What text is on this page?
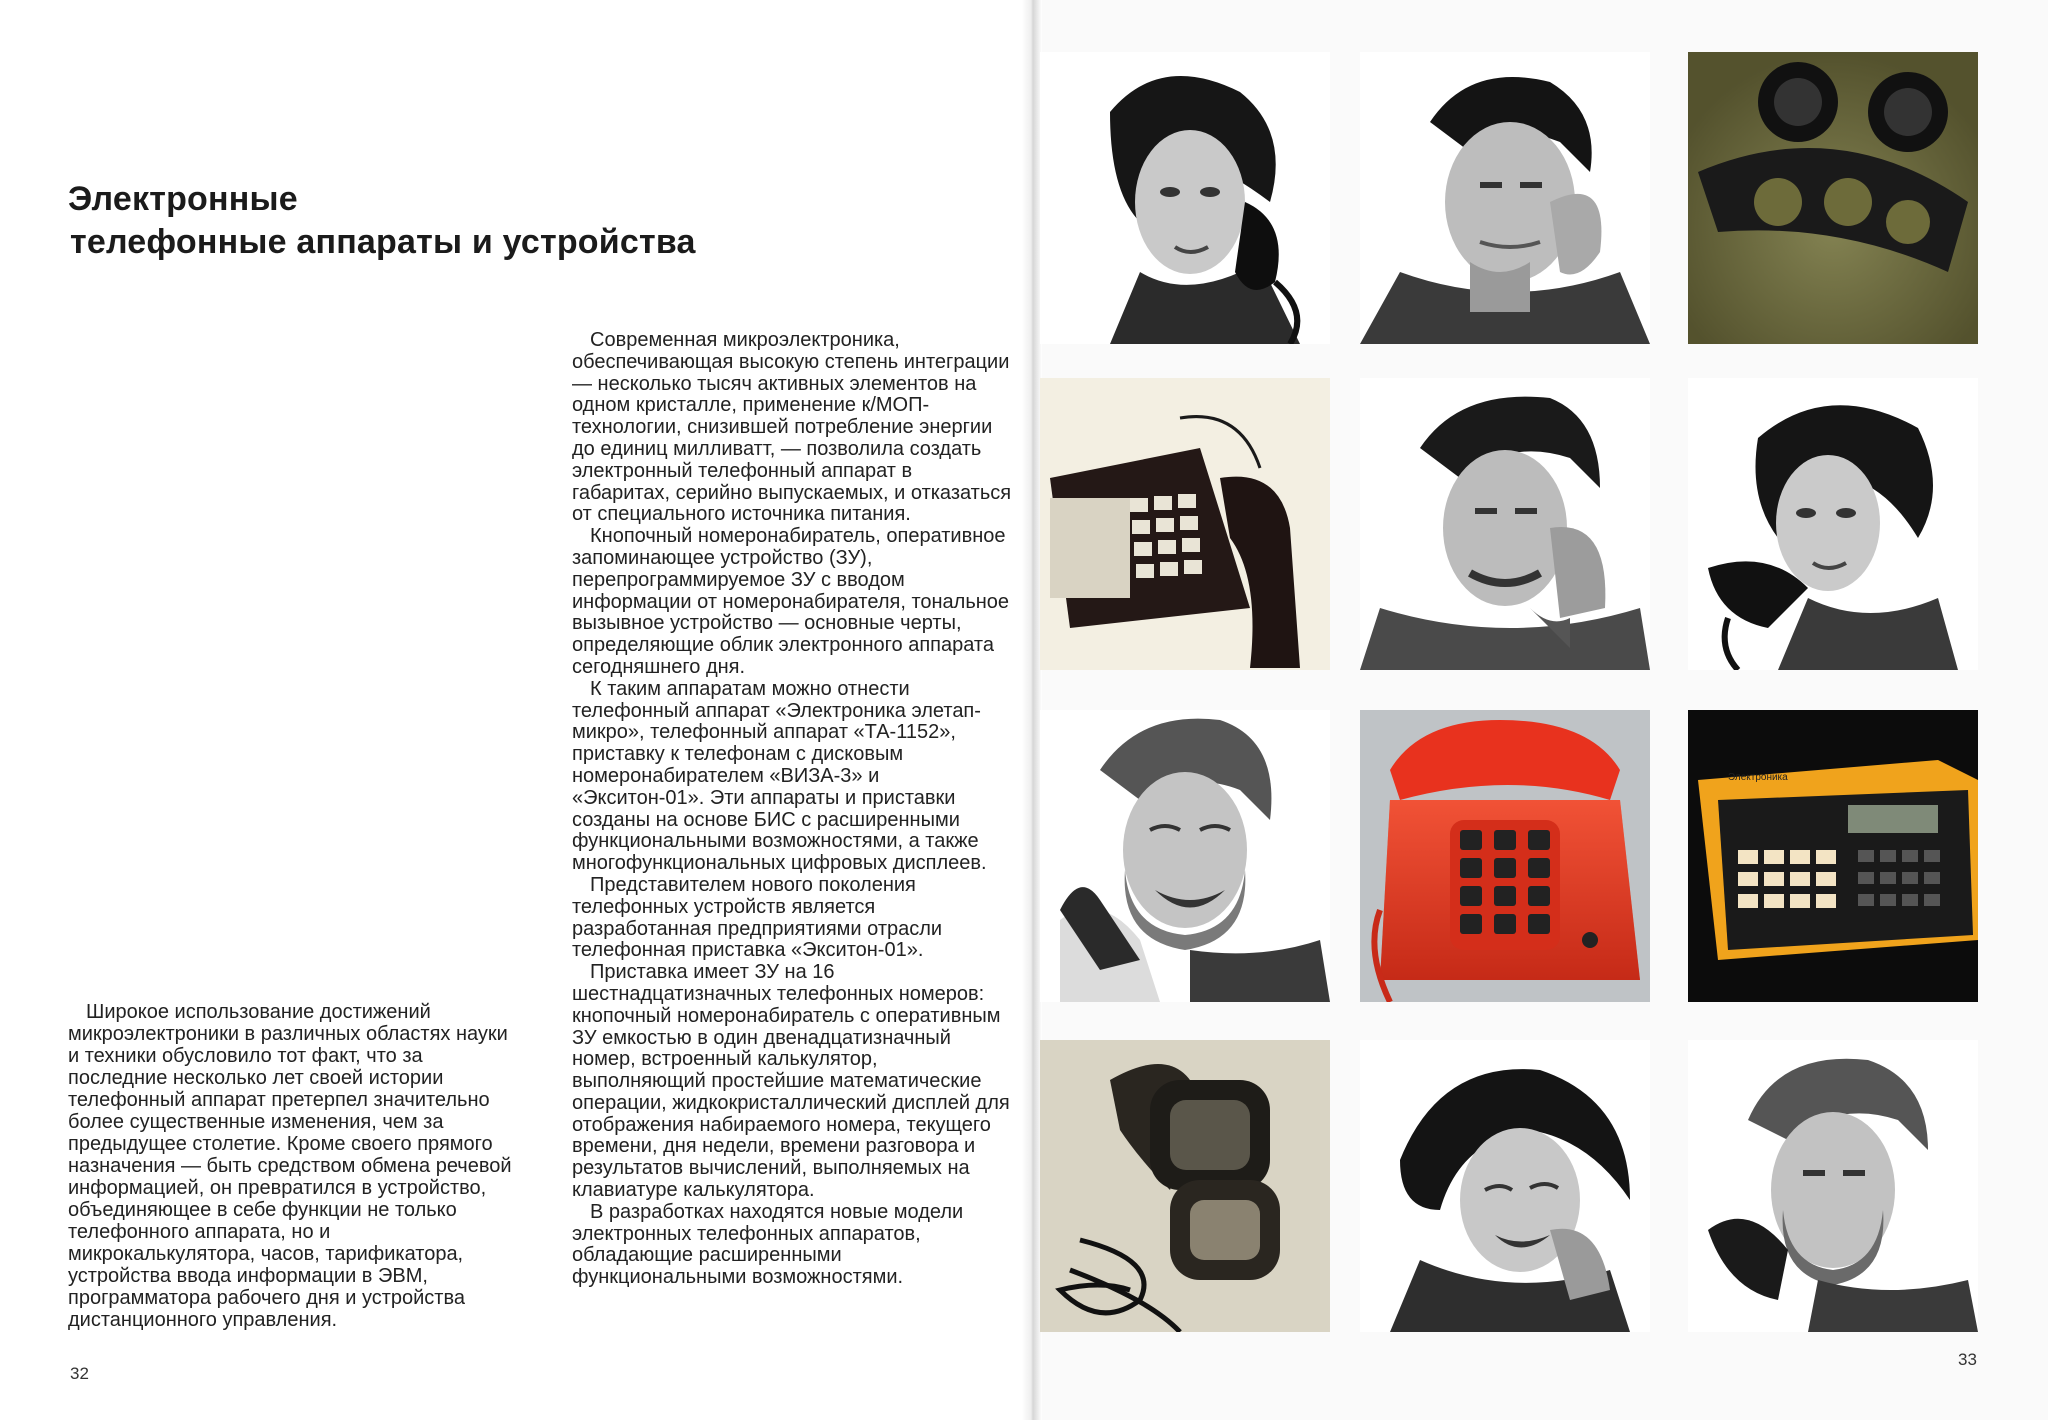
Электронные
телефонные аппараты и устройства

Современная микроэлектроника, обеспечивающая высокую степень интеграции — несколько тысяч активных элементов на одном кристалле, применение к/МОП-технологии, снизившей потребление энергии до единиц милливатт, — позволила создать электронный телефонный аппарат в габаритах, серийно выпускаемых, и отказаться от специального источника питания.

Кнопочный номеронабиратель, оперативное запоминающее устройство (ЗУ), перепрограммируемое ЗУ с вводом информации от номеронабирателя, тональное вызывное устройство — основные черты, определяющие облик электронного аппарата сегодняшнего дня.

К таким аппаратам можно отнести телефонный аппарат «Электроника элетап-микро», телефонный аппарат «ТА-1152», приставку к телефонам с дисковым номеронабирателем «ВИЗА-3» и «Экситон-01». Эти аппараты и приставки созданы на основе БИС с расширенными функциональными возможностями, а также многофункциональных цифровых дисплеев.

Представителем нового поколения телефонных устройств является разработанная предприятиями отрасли телефонная приставка «Экситон-01».

Приставка имеет ЗУ на 16 шестнадцатизначных телефонных номеров: кнопочный номеронабиратель с оперативным ЗУ емкостью в один двенадцатизначный номер, встроенный калькулятор, выполняющий простейшие математические операции, жидкокристаллический дисплей для отображения набираемого номера, текущего времени, дня недели, времени разговора и результатов вычислений, выполняемых на клавиатуре калькулятора.

В разработках находятся новые модели электронных телефонных аппаратов, обладающие расширенными функциональными возможностями.

Широкое использование достижений микроэлектроники в различных областях науки и техники обусловило тот факт, что за последние несколько лет своей истории телефонный аппарат претерпел значительно более существенные изменения, чем за предыдущее столетие. Кроме своего прямого назначения — быть средством обмена речевой информацией, он превратился в устройство, объединяющее в себе функции не только телефонного аппарата, но и микрокалькулятора, часов, тарификатора, устройства ввода информации в ЭВМ, программатора рабочего дня и устройства дистанционного управления.

32
33
Электроника
